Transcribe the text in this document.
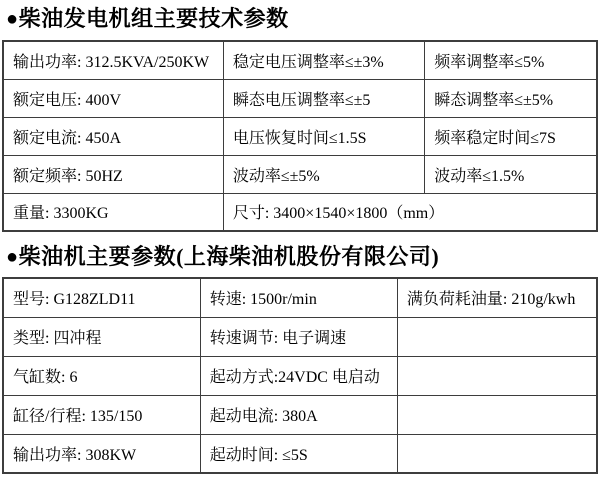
●柴油发电机组主要技术参数
输出功率: 312.5KVA/250KW	稳定电压调整率≤±3%	频率调整率≤5%
额定电压: 400V	瞬态电压调整率≤±5	瞬态调整率≤±5%
额定电流: 450A	电压恢复时间≤1.5S	频率稳定时间≤7S
额定频率: 50HZ	波动率≤±5%	波动率≤1.5%
重量: 3300KG	尺寸: 3400×1540×1800（mm）	
●柴油机主要参数(上海柴油机股份有限公司)
型号: G128ZLD11	转速: 1500r/min	满负荷耗油量: 210g/kwh
类型: 四冲程	转速调节: 电子调速	
气缸数: 6	起动方式:24VDC 电启动	
缸径/行程: 135/150	起动电流: 380A	
输出功率: 308KW	起动时间: ≤5S	
